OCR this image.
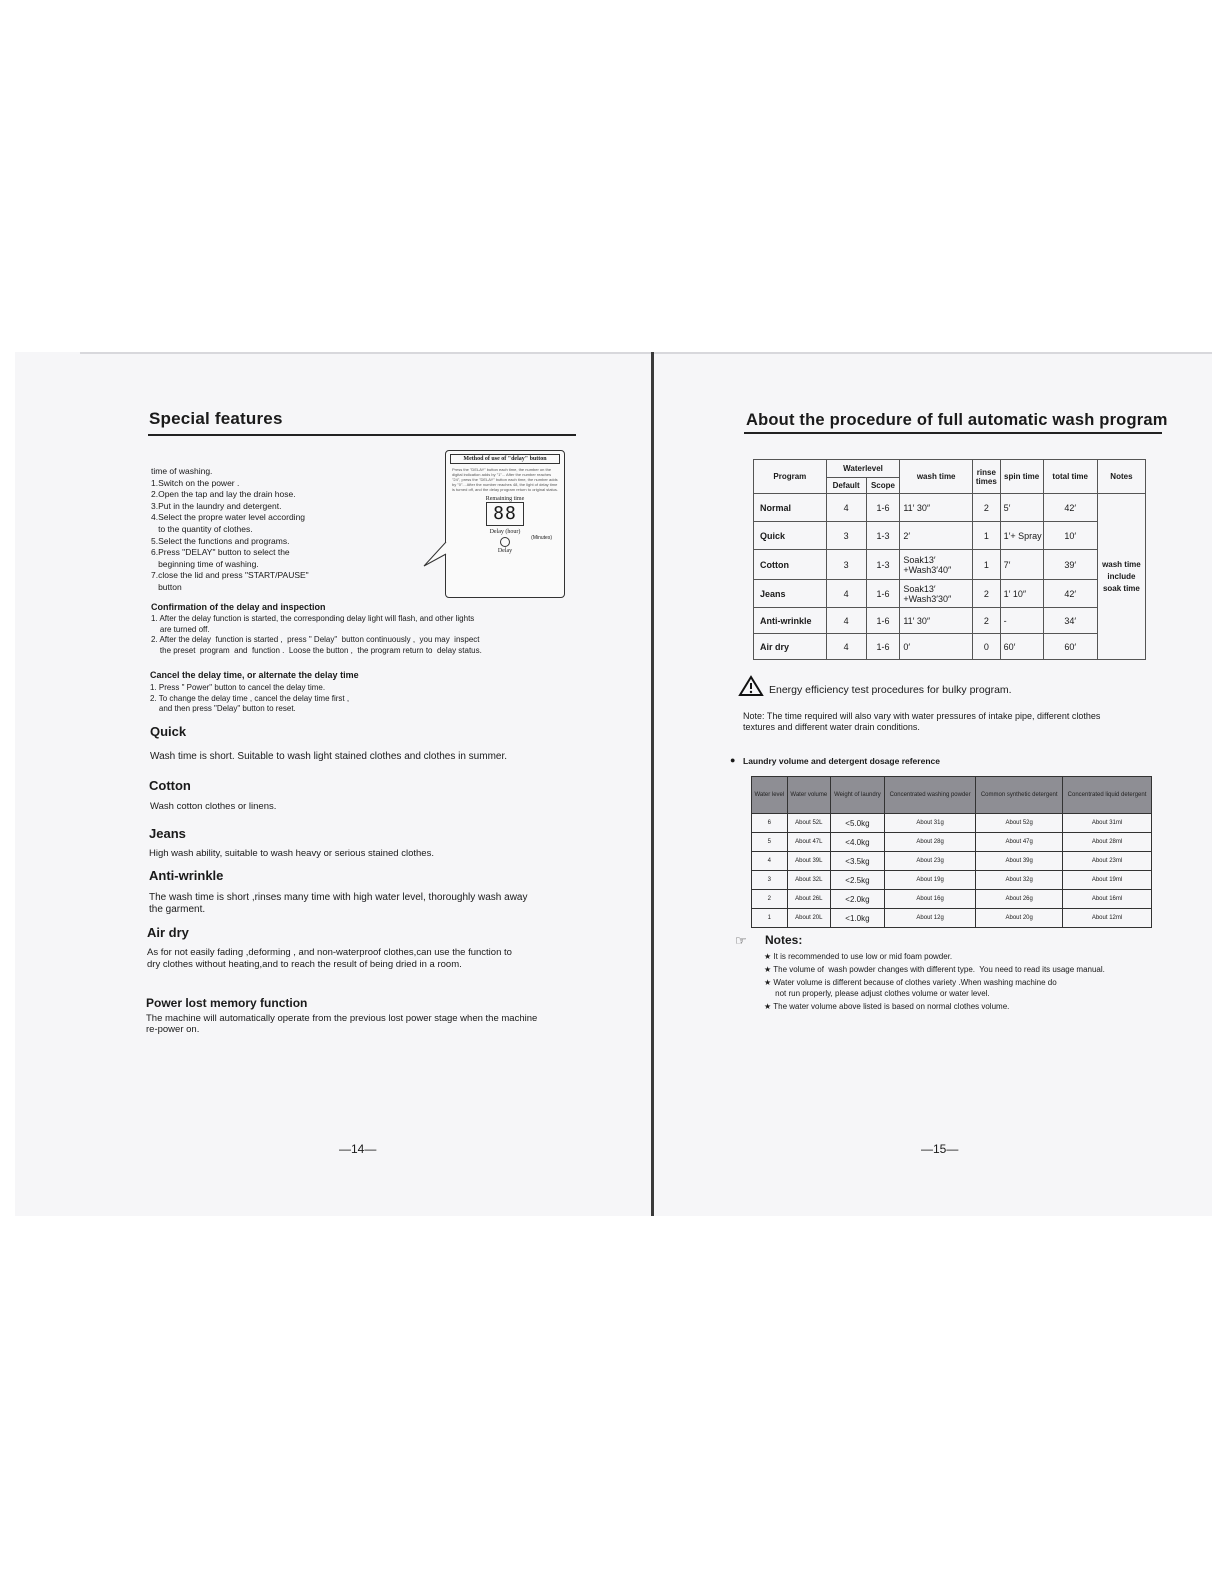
Special features
time of washing.
1.Switch on the power .
2.Open the tap and lay the drain hose.
3.Put in the laundry and detergent.
4.Select the propre water level according
to the quantity of clothes.
5.Select the functions and programs.
6.Press "DELAY" button to select the
beginning time of washing.
7.close the lid and press "START/PAUSE"
button
Method of use of "delay" button
Press the "DELAY" button each time, the number on the digital indication adds by "1"... After the number reaches "24", press the "DELAY" button each time, the number adds by "0"... After the number reaches 48, the light of delay time is turned off, and the delay program return to original status.
Remaining time
88
(Minutes)
Delay (hour)
Delay
Confirmation of the delay and inspection
1. After the delay function is started, the corresponding delay light will flash, and other lights
are turned off.
2. After the delay  function is started ,  press " Delay"  button continuously ,  you may  inspect
the preset  program  and  function .  Loose the button ,  the program return to  delay status.
Cancel the delay time, or alternate the delay time
1. Press " Power" button to cancel the delay time.
2. To change the delay time , cancel the delay time first ,
and then press "Delay" button to reset.
Quick
Wash time is short. Suitable to wash light stained clothes and clothes in summer.
Cotton
Wash cotton clothes or linens.
Jeans
High wash ability, suitable to wash heavy or serious stained clothes.
Anti-wrinkle
The wash time is short ,rinses many time with high water level, thoroughly wash away
the garment.
Air dry
As for not easily fading ,deforming , and non-waterproof clothes,can use the function to
dry clothes without heating,and to reach the result of being dried in a room.
Power lost memory function
The machine will automatically operate from the previous lost power stage when the machine
re-power on.
—14—
About the procedure of full automatic wash program
Program	Waterlevel		wash time	rinse times	spin time	total time	Notes
	Default	Scope					
Normal	4	1-6	11′ 30″	2	5′	42′	wash time include soak time
Quick	3	1-3	2′	1	1′+ Spray	10′	
Cotton	3	1-3	Soak13′
+Wash3′40″	1	7′	39′	
Jeans	4	1-6	Soak13′
+Wash3′30″	2	1′ 10″	42′	
Anti-wrinkle	4	1-6	11′ 30″	2	-	34′	
Air dry	4	1-6	0′	0	60′	60′	
Energy efficiency test procedures for bulky program.
Note: The time required will also vary with water pressures of intake pipe, different clothes
textures and different water drain conditions.
● Laundry volume and detergent dosage reference
Water level	Water volume	Weight of laundry	Concentrated washing powder	Common synthetic detergent	Concentrated liquid detergent
6	About 52L	<5.0kg	About 31g	About 52g	About 31ml
5	About 47L	<4.0kg	About 28g	About 47g	About 28ml
4	About 39L	<3.5kg	About 23g	About 39g	About 23ml
3	About 32L	<2.5kg	About 19g	About 32g	About 19ml
2	About 26L	<2.0kg	About 16g	About 26g	About 16ml
1	About 20L	<1.0kg	About 12g	About 20g	About 12ml
☞ Notes:
★ It is recommended to use low or mid foam powder.
★ The volume of  wash powder changes with different type.  You need to read its usage manual.
★ Water volume is different because of clothes variety .When washing machine do
not run properly, please adjust clothes volume or water level.
★ The water volume above listed is based on normal clothes volume.
—15—
